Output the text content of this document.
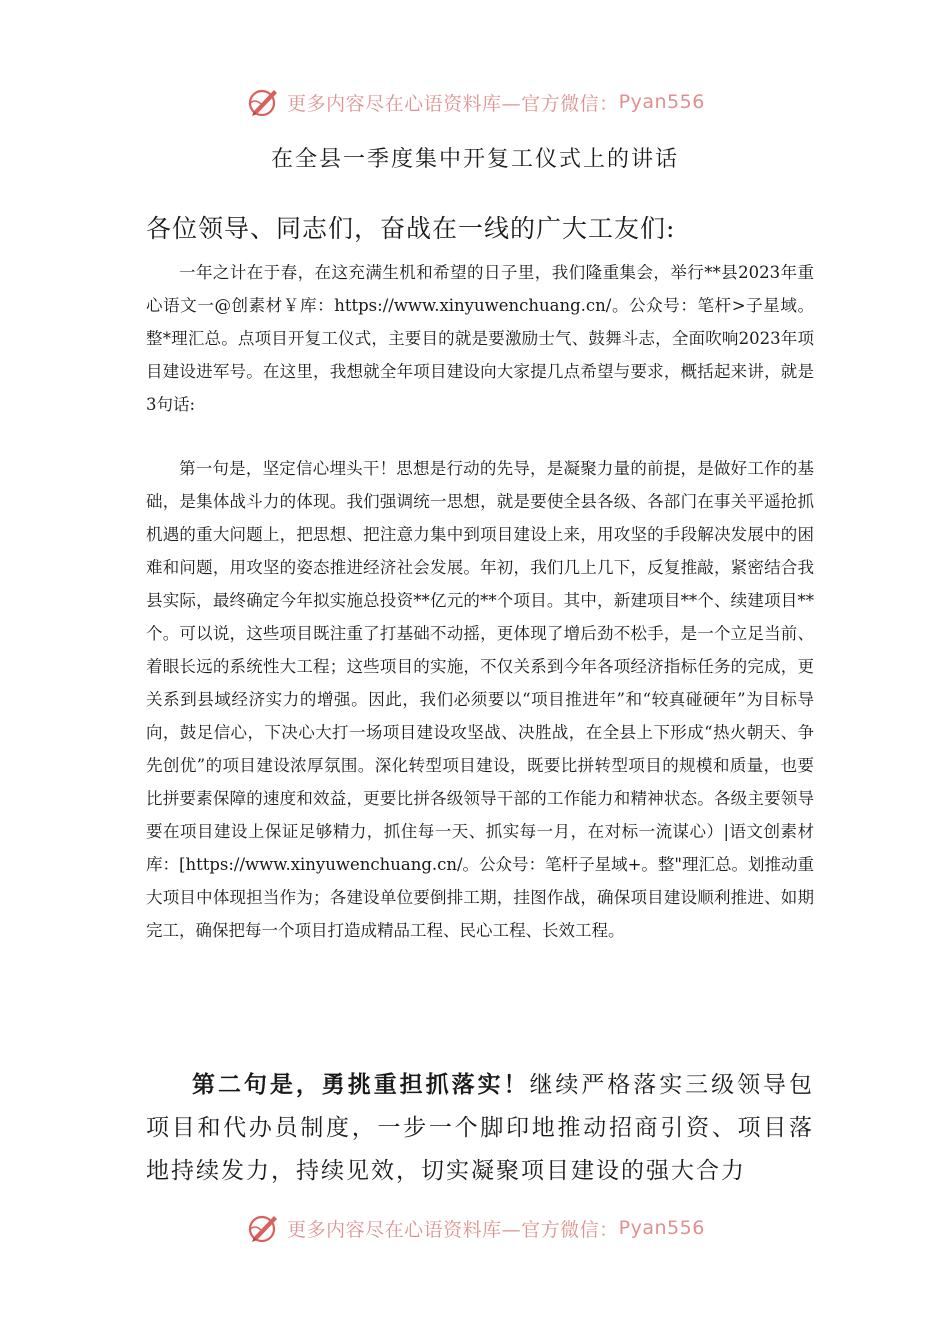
更多内容尽在心语资料库—官方微信： Pyan556
在全县一季度集中开复工仪式上的讲话
各位领导、同志们，奋战在一线的广大工友们:

一年之计在于春，在这充满生机和希望的日子里，我们隆重集会，举行**县2023年重心语文一@创素材￥库：https://www.xinyuwenchuang.cn/。公众号：笔杆>子星域。整*理汇总。点项目开复工仪式，主要目的就是要激励士气、鼓舞斗志，全面吹响2023年项目建设进军号。在这里，我想就全年项目建设向大家提几点希望与要求，概括起来讲，就是3句话:

第一句是，坚定信心埋头干！思想是行动的先导，是凝聚力量的前提，是做好工作的基础，是集体战斗力的体现。我们强调统一思想，就是要使全县各级、各部门在事关平遥抢抓机遇的重大问题上，把思想、把注意力集中到项目建设上来，用攻坚的手段解决发展中的困难和问题，用攻坚的姿态推进经济社会发展。年初，我们几上几下，反复推敲，紧密结合我县实际，最终确定今年拟实施总投资**亿元的**个项目。其中，新建项目**个、续建项目**个。可以说，这些项目既注重了打基础不动摇，更体现了增后劲不松手，是一个立足当前、着眼长远的系统性大工程；这些项目的实施，不仅关系到今年各项经济指标任务的完成，更关系到县域经济实力的增强。因此，我们必须要以“项目推进年”和“较真碰硬年”为目标导向，鼓足信心，下决心大打一场项目建设攻坚战、决胜战，在全县上下形成“热火朝天、争先创优”的项目建设浓厚氛围。深化转型项目建设，既要比拼转型项目的规模和质量，也要比拼要素保障的速度和效益，更要比拼各级领导干部的工作能力和精神状态。各级主要领导要在项目建设上保证足够精力，抓住每一天、抓实每一月，在对标一流谋心）|语文创素材库：[https://www.xinyuwenchuang.cn/。公众号：笔杆子星域+。整"理汇总。划推动重大项目中体现担当作为；各建设单位要倒排工期，挂图作战，确保项目建设顺利推进、如期完工，确保把每一个项目打造成精品工程、民心工程、长效工程。

第二句是，勇挑重担抓落实！继续严格落实三级领导包项目和代办员制度，一步一个脚印地推动招商引资、项目落地持续发力，持续见效，切实凝聚项目建设的强大合力

更多内容尽在心语资料库—官方微信： Pyan556
